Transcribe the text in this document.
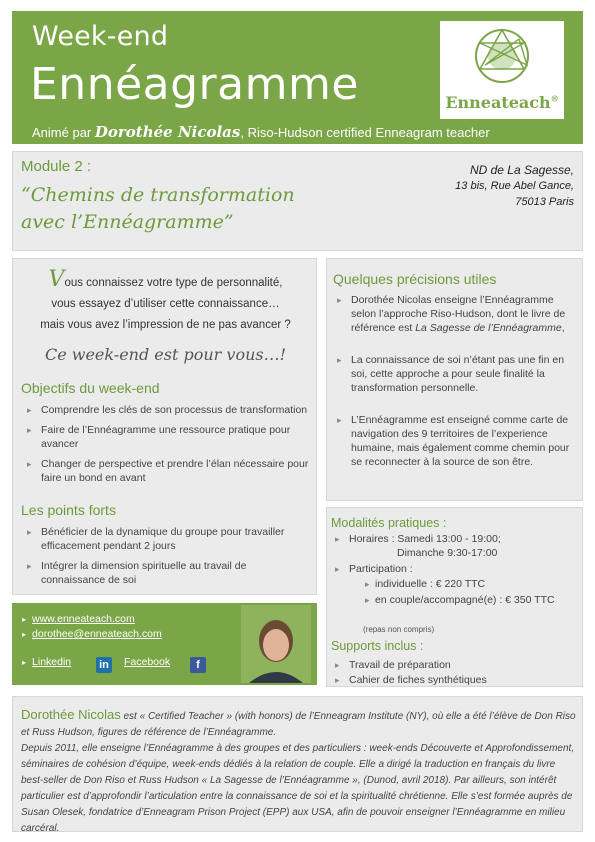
Week-end
Ennéagramme
Animé par Dorothée Nicolas, Riso-Hudson certified Enneagram teacher
Enneateach®
Module 2 :
“Chemins de transformation
avec l’Ennéagramme”
ND de La Sagesse,
13 bis, Rue Abel Gance,
75013 Paris
Vous connaissez votre type de personnalité,
vous essayez d’utiliser cette connaissance…
mais vous avez l’impression de ne pas avancer ?
Ce week-end est pour vous…!
Objectifs du week-end
▸ Comprendre les clés de son processus de transformation
▸ Faire de l’Ennéagramme une ressource pratique pour avancer
▸ Changer de perspective et prendre l’élan nécessaire pour faire un bond en avant
Les points forts
▸ Bénéficier de la dynamique du groupe pour travailler efficacement pendant 2 jours
▸ Intégrer la dimension spirituelle au travail de connaissance de soi
Quelques précisions utiles
▸ Dorothée Nicolas enseigne l’Ennéagramme selon l’approche Riso-Hudson, dont le livre de référence est La Sagesse de l’Ennéagramme,
▸ La connaissance de soi n’étant pas une fin en soi, cette approche a pour seule finalité la transformation personnelle.
▸ L’Ennéagramme est enseigné comme carte de navigation des 9 territoires de l’experience humaine, mais également comme chemin pour se reconnecter à la source de son être.
Modalités pratiques :
▸ Horaires : Samedi 13:00 - 19:00;
Dimanche 9:30-17:00
▸ Participation :
▸ individuelle : € 220 TTC
▸ en couple/accompagné(e) : € 350 TTC
(repas non compris)
Supports inclus :
▸ Travail de préparation
▸ Cahier de fiches synthétiques
▸ www.enneateach.com
▸ dorothee@enneateach.com
▸ Linkedin	in Facebook	f

Dorothée Nicolas est « Certified Teacher » (with honors) de l’Enneagram Institute (NY), où elle a été l’élève de Don Riso et Russ Hudson, figures de référence de l’Ennéagramme.
Depuis 2011, elle enseigne l’Ennéagramme à des groupes et des particuliers : week-ends Découverte et Approfondissement, séminaires de cohésion d’équipe, week-ends dédiés à la relation de couple. Elle a dirigé la traduction en français du livre best-seller de Don Riso et Russ Hudson « La Sagesse de l’Ennéagramme », (Dunod, avril 2018). Par ailleurs, son intérêt particulier est d’approfondir l’articulation entre la connaissance de soi et la spiritualité chrétienne. Elle s’est formée auprès de Susan Olesek, fondatrice d’Enneagram Prison Project (EPP) aux USA, afin de pouvoir enseigner l’Ennéagramme en milieu carcéral.
